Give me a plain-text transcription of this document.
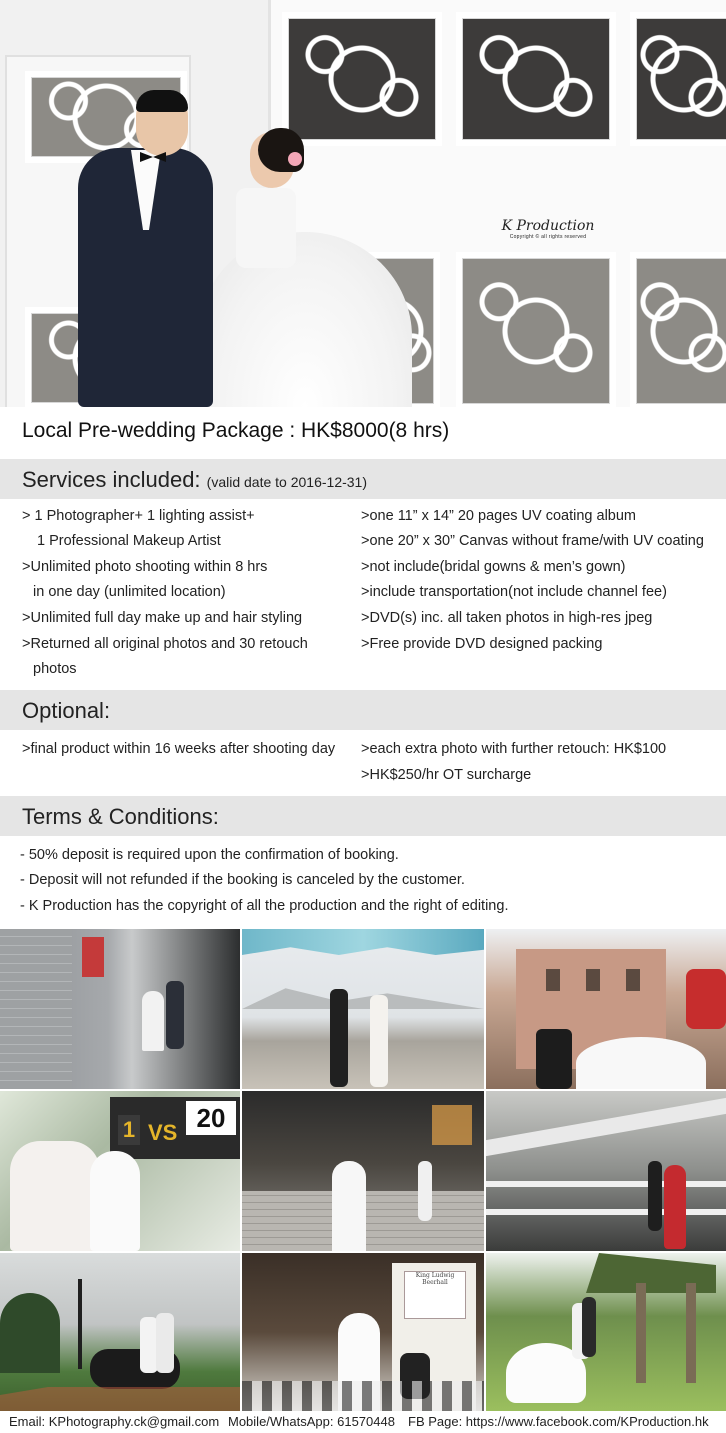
K Production
Copyright © all rights reserved
Local Pre-wedding Package : HK$8000(8 hrs)
Services included: (valid date to 2016-12-31)
> 1 Photographer+ 1 lighting assist+
1 Professional Makeup Artist
>Unlimited photo shooting within 8 hrs
in one day (unlimited location)
>Unlimited full day make up and hair styling
>Returned all original photos and 30 retouch
photos
>one 11” x 14” 20 pages UV coating album
>one 20” x 30” Canvas without frame/with UV coating
>not include(bridal gowns & men’s gown)
>include transportation(not include channel fee)
>DVD(s) inc. all taken photos in high-res jpeg
>Free provide DVD designed packing
Optional:
>final product within 16 weeks after shooting day >each extra photo with further retouch: HK$100
>HK$250/hr OT surcharge
Terms & Conditions:
- 50% deposit is required upon the confirmation of booking.
- Deposit will not refunded if the booking is canceled by the customer.
- K Production has the copyright of all the production and the right of editing.
1 VS 20
King Ludwig Beerhall
Email: KPhotography.ck@gmail.com Mobile/WhatsApp: 61570448 FB Page: https://www.facebook.com/KProduction.hk
